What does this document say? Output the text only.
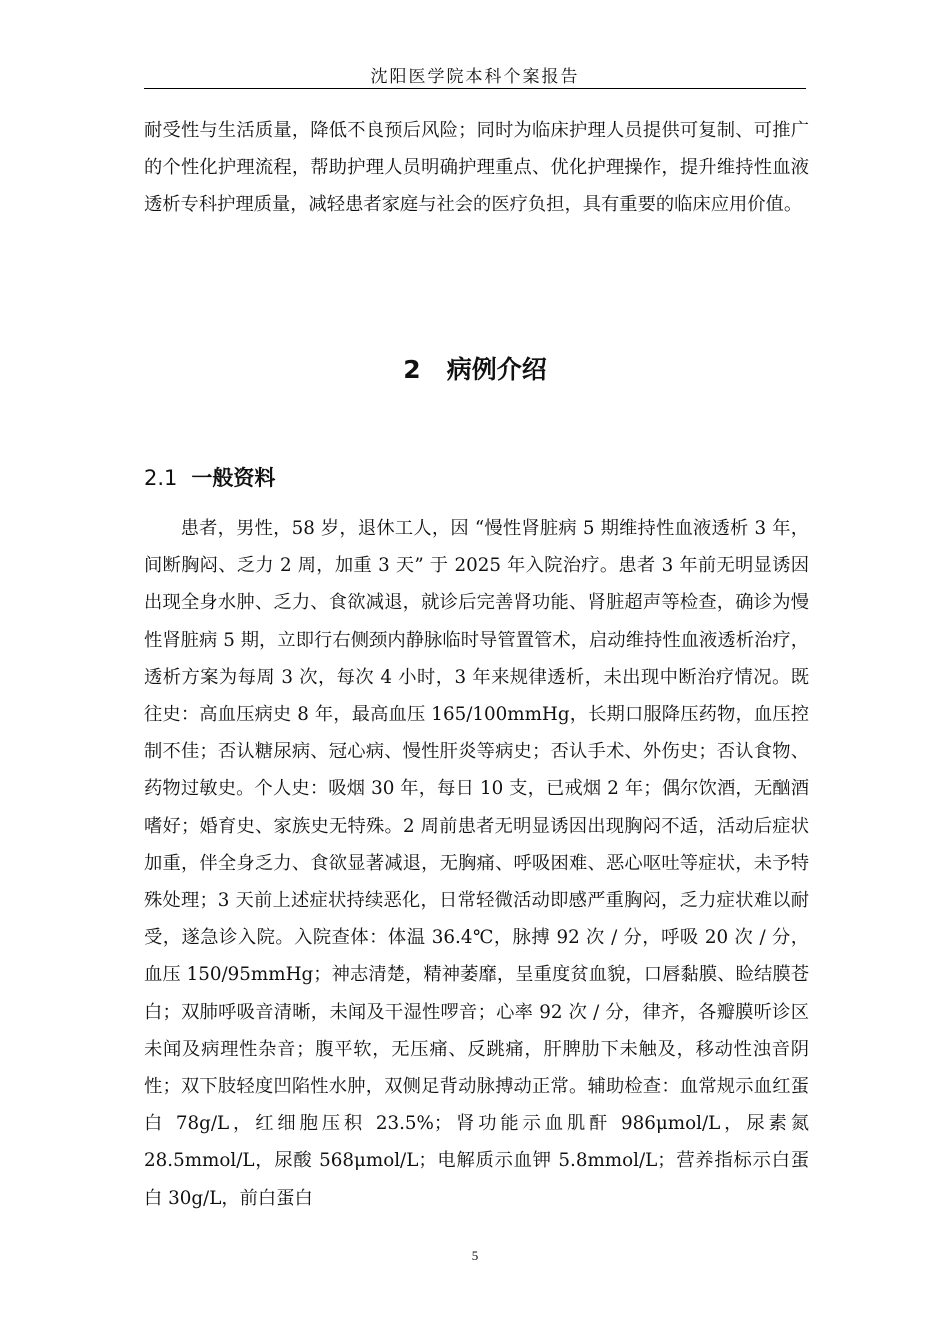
沈阳医学院本科个案报告

耐受性与生活质量，降低不良预后风险；同时为临床护理人员提供可复制、可推广的个性化护理流程，帮助护理人员明确护理重点、优化护理操作，提升维持性血液透析专科护理质量，减轻患者家庭与社会的医疗负担，具有重要的临床应用价值。

2 病例介绍
2.1 一般资料

患者，男性，58 岁，退休工人，因 “慢性肾脏病 5 期维持性血液透析 3 年，间断胸闷、乏力 2 周，加重 3 天” 于 2025 年入院治疗。患者 3 年前无明显诱因出现全身水肿、乏力、食欲减退，就诊后完善肾功能、肾脏超声等检查，确诊为慢性肾脏病 5 期，立即行右侧颈内静脉临时导管置管术，启动维持性血液透析治疗，透析方案为每周 3 次，每次 4 小时，3 年来规律透析，未出现中断治疗情况。既往史：高血压病史 8 年，最高血压 165/100mmHg，长期口服降压药物，血压控制不佳；否认糖尿病、冠心病、慢性肝炎等病史；否认手术、外伤史；否认食物、药物过敏史。个人史：吸烟 30 年，每日 10 支，已戒烟 2 年；偶尔饮酒，无酗酒嗜好；婚育史、家族史无特殊。2 周前患者无明显诱因出现胸闷不适，活动后症状加重，伴全身乏力、食欲显著减退，无胸痛、呼吸困难、恶心呕吐等症状，未予特殊处理；3 天前上述症状持续恶化，日常轻微活动即感严重胸闷，乏力症状难以耐受，遂急诊入院。入院查体：体温 36.4℃，脉搏 92 次 / 分，呼吸 20 次 / 分，血压 150/95mmHg；神志清楚，精神萎靡，呈重度贫血貌，口唇黏膜、睑结膜苍白；双肺呼吸音清晰，未闻及干湿性啰音；心率 92 次 / 分，律齐，各瓣膜听诊区未闻及病理性杂音；腹平软，无压痛、反跳痛，肝脾肋下未触及，移动性浊音阴性；双下肢轻度凹陷性水肿，双侧足背动脉搏动正常。辅助检查：血常规示血红蛋白 78g/L，红细胞压积 23.5%；肾功能示血肌酐 986μmol/L，尿素氮 28.5mmol/L，尿酸 568μmol/L；电解质示血钾 5.8mmol/L；营养指标示白蛋白 30g/L，前白蛋白

5
